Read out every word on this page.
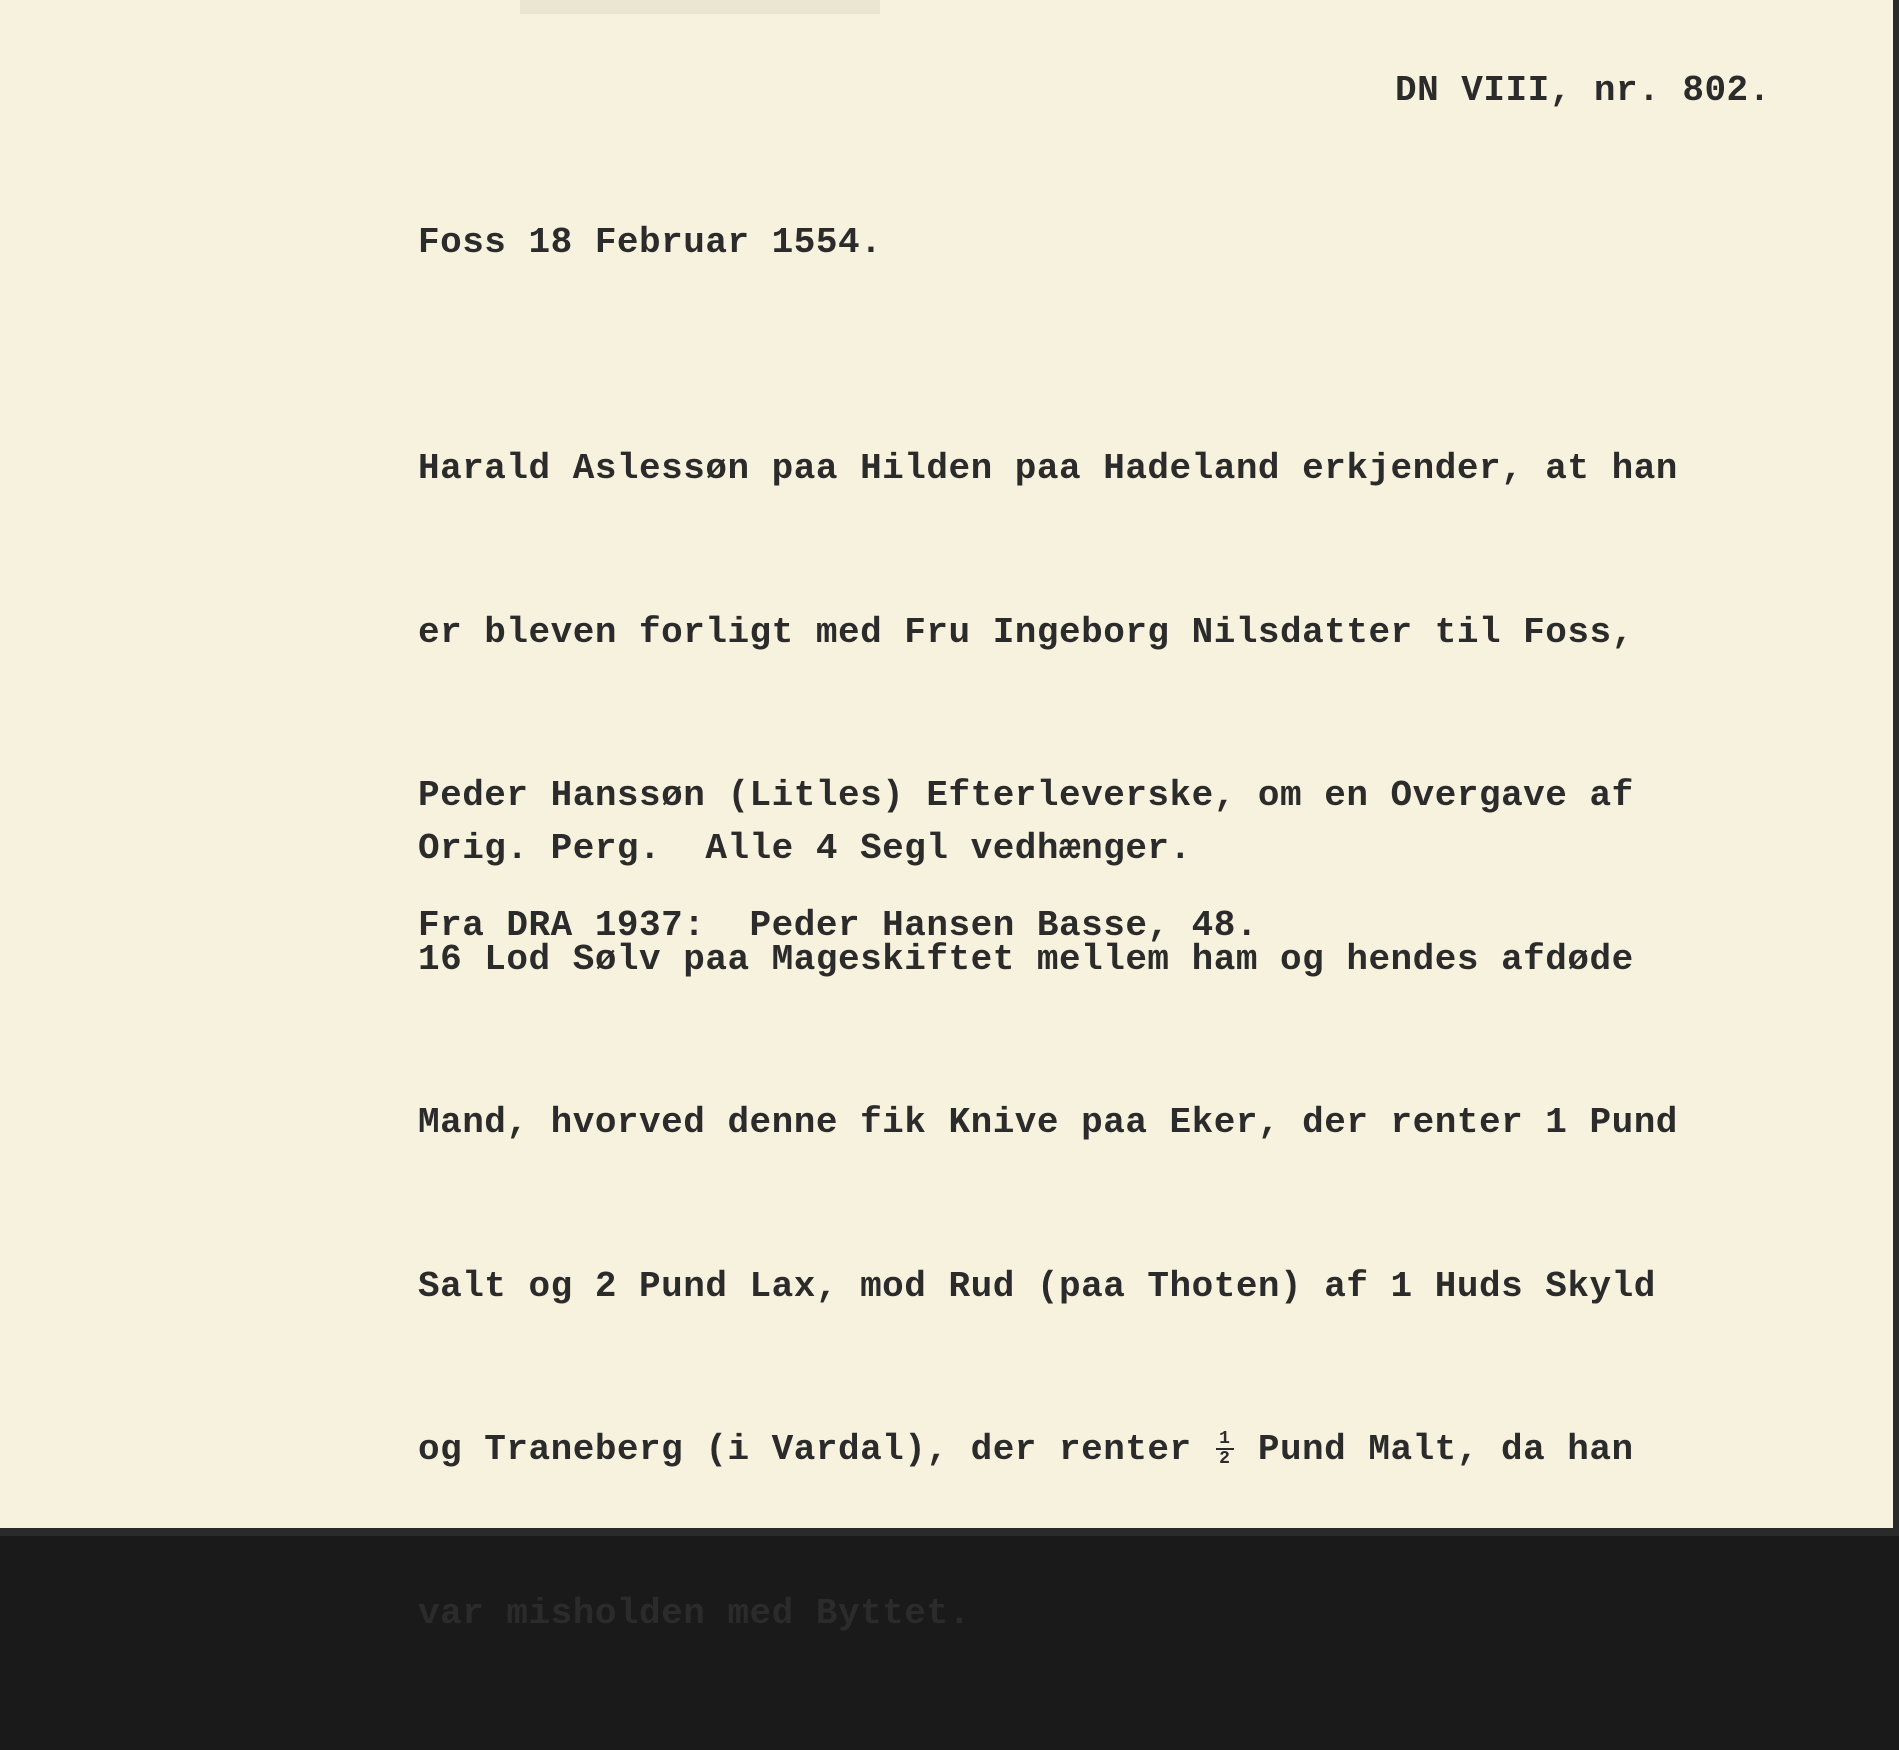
DN VIII, nr. 802.
Foss 18 Februar 1554.

Harald Aslessøn paa Hilden paa Hadeland erkjender, at han

er bleven forligt med Fru Ingeborg Nilsdatter til Foss,

Peder Hanssøn (Litles) Efterleverske, om en Overgave af

16 Lod Sølv paa Mageskiftet mellem ham og hendes afdøde

Mand, hvorved denne fik Knive paa Eker, der renter 1 Pund

Salt og 2 Pund Lax, mod Rud (paa Thoten) af 1 Huds Skyld

og Traneberg (i Vardal), der renter $\frac{1}{2}$ Pund Malt, da han

var misholden med Byttet.

Orig. Perg.  Alle 4 Segl vedhænger.
Fra DRA 1937:  Peder Hansen Basse, 48.
